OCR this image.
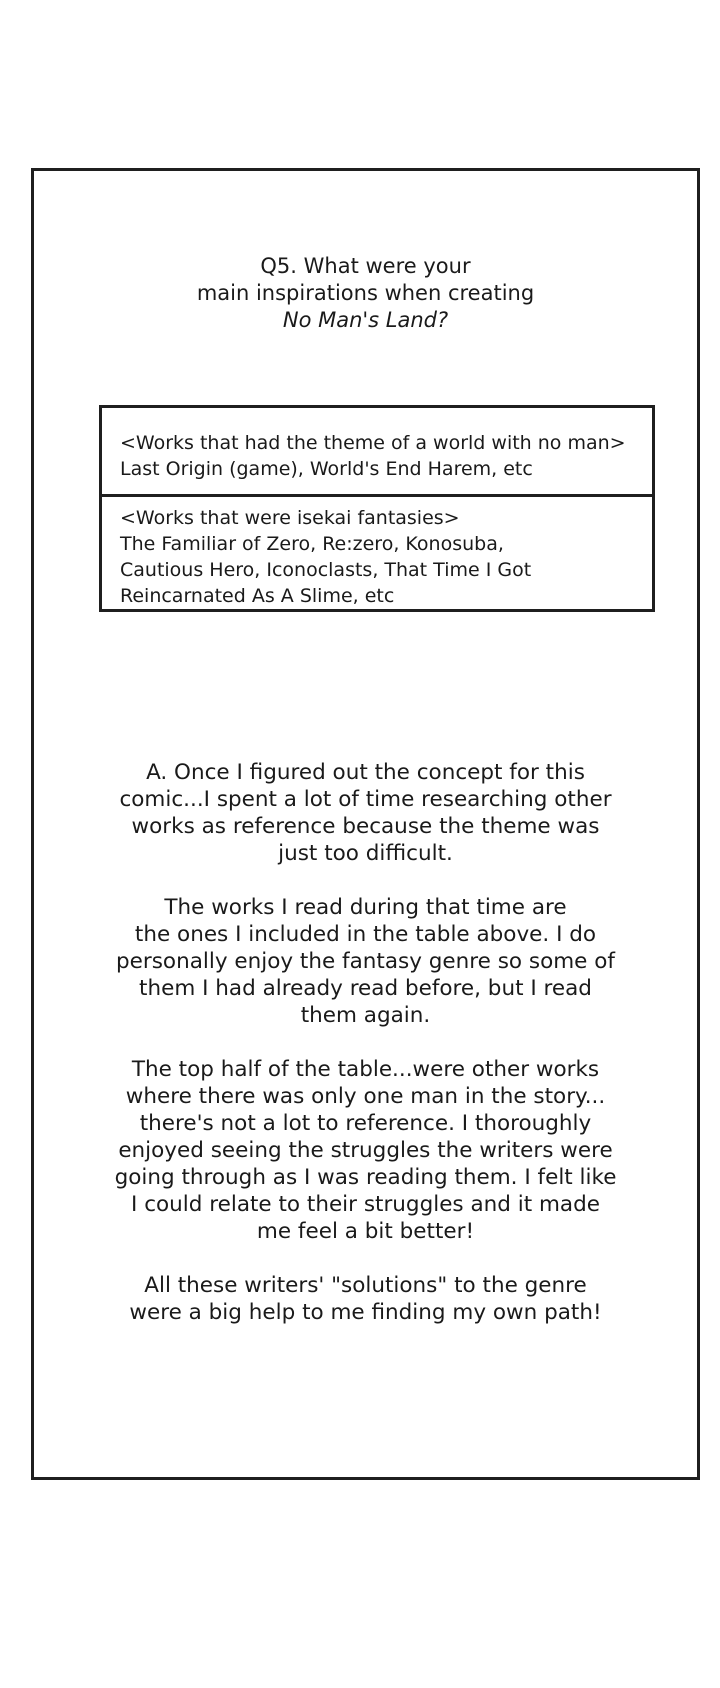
Q5. What were your
main inspirations when creating
No Man's Land?
<Works that had the theme of a world with no man>
Last Origin (game), World's End Harem, etc
<Works that were isekai fantasies>
The Familiar of Zero, Re:zero, Konosuba,
Cautious Hero, Iconoclasts, That Time I Got
Reincarnated As A Slime, etc
A. Once I figured out the concept for this
comic...I spent a lot of time researching other
works as reference because the theme was
just too difficult.
The works I read during that time are
the ones I included in the table above. I do
personally enjoy the fantasy genre so some of
them I had already read before, but I read
them again.
The top half of the table...were other works
where there was only one man in the story...
there's not a lot to reference. I thoroughly
enjoyed seeing the struggles the writers were
going through as I was reading them. I felt like
I could relate to their struggles and it made
me feel a bit better!
All these writers' "solutions" to the genre
were a big help to me finding my own path!
